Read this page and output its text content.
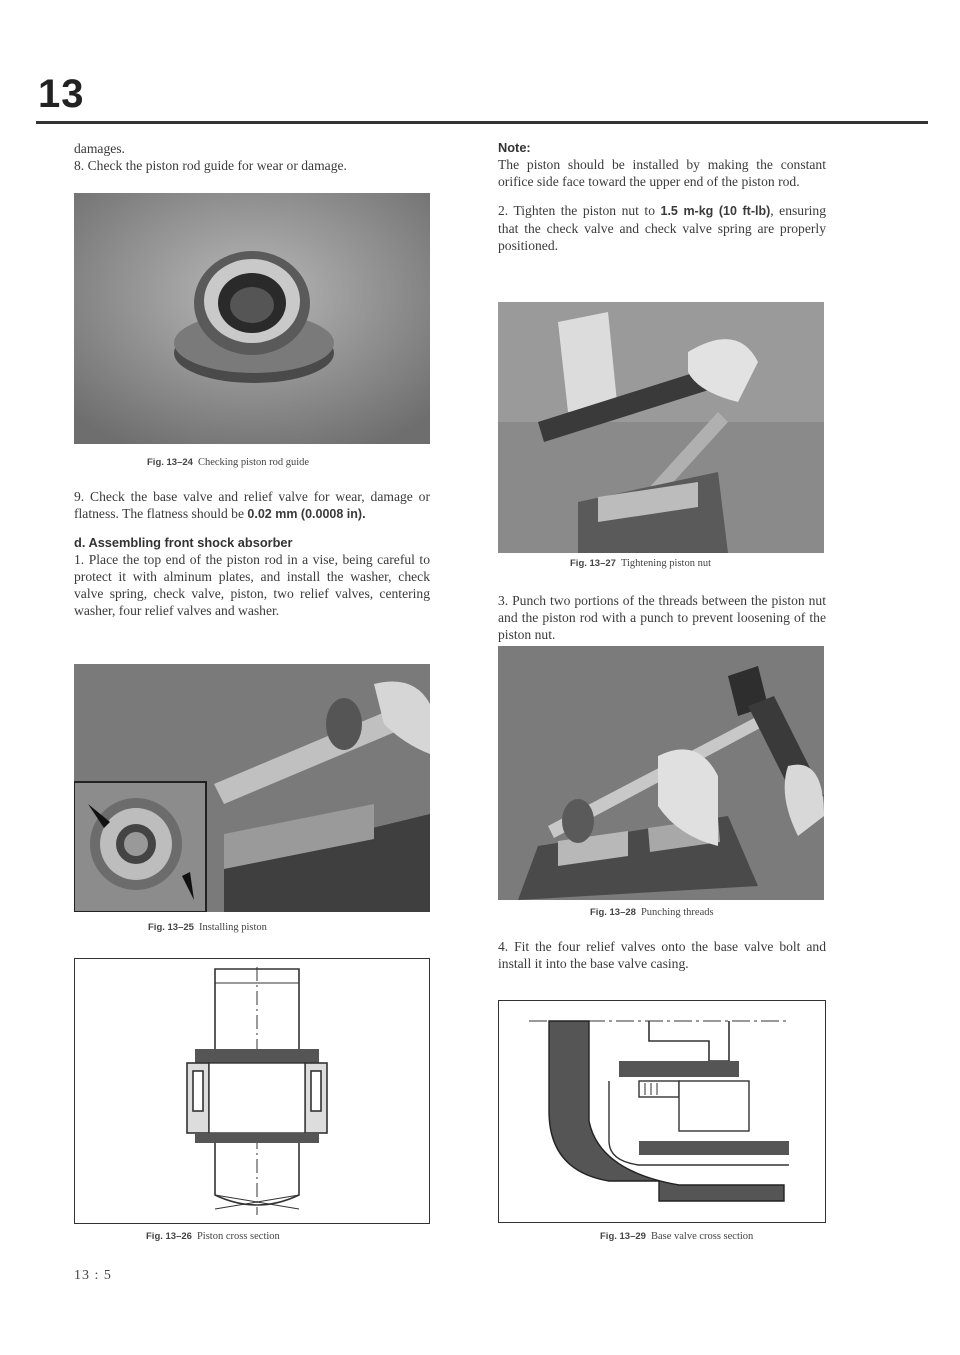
13

damages.

8. Check the piston rod guide for wear or damage.

Fig. 13–24 Checking piston rod guide

9. Check the base valve and relief valve for wear, damage or flatness. The flatness should be 0.02 mm (0.0008 in).

d. Assembling front shock absorber

1. Place the top end of the piston rod in a vise, being careful to protect it with alminum plates, and install the washer, check valve spring, check valve, piston, two relief valves, centering washer, four relief valves and washer.

Fig. 13–25 Installing piston
Fig. 13–26 Piston cross section
Note:

The piston should be installed by making the constant orifice side face toward the upper end of the piston rod.

2. Tighten the piston nut to 1.5 m-kg (10 ft-lb), ensuring that the check valve and check valve spring are properly positioned.

Fig. 13–27 Tightening piston nut

3. Punch two portions of the threads between the piston nut and the piston rod with a punch to prevent loosening of the piston nut.

Fig. 13–28 Punching threads

4. Fit the four relief valves onto the base valve bolt and install it into the base valve casing.

Fig. 13–29 Base valve cross section
13 : 5
